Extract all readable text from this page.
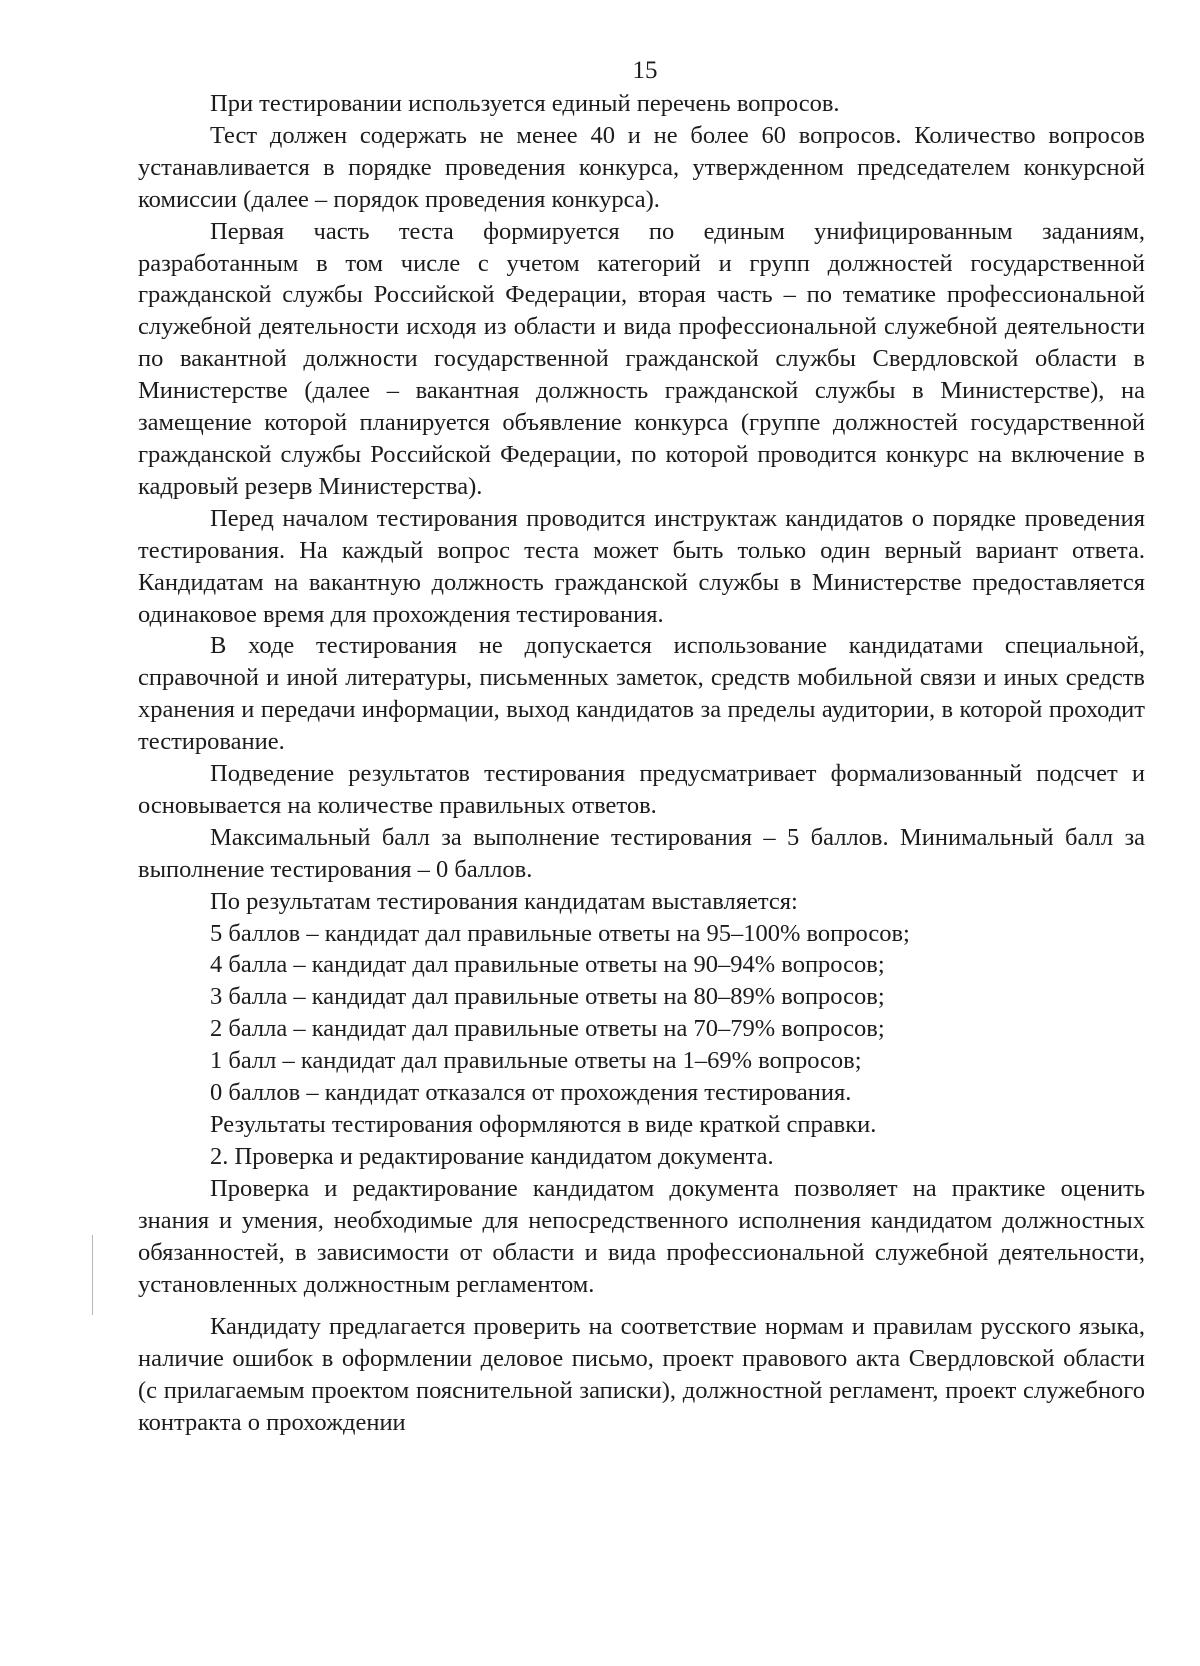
15

При тестировании используется единый перечень вопросов.

Тест должен содержать не менее 40 и не более 60 вопросов. Количество вопросов устанавливается в порядке проведения конкурса, утвержденном председателем конкурсной комиссии (далее – порядок проведения конкурса).

Первая часть теста формируется по единым унифицированным заданиям, разработанным в том числе с учетом категорий и групп должностей государственной гражданской службы Российской Федерации, вторая часть – по тематике профессиональной служебной деятельности исходя из области и вида профессиональной служебной деятельности по вакантной должности государственной гражданской службы Свердловской области в Министерстве (далее – вакантная должность гражданской службы в Министерстве), на замещение которой планируется объявление конкурса (группе должностей государственной гражданской службы Российской Федерации, по которой проводится конкурс на включение в кадровый резерв Министерства).

Перед началом тестирования проводится инструктаж кандидатов о порядке проведения тестирования. На каждый вопрос теста может быть только один верный вариант ответа. Кандидатам на вакантную должность гражданской службы в Министерстве предоставляется одинаковое время для прохождения тестирования.

В ходе тестирования не допускается использование кандидатами специальной, справочной и иной литературы, письменных заметок, средств мобильной связи и иных средств хранения и передачи информации, выход кандидатов за пределы аудитории, в которой проходит тестирование.

Подведение результатов тестирования предусматривает формализованный подсчет и основывается на количестве правильных ответов.

Максимальный балл за выполнение тестирования – 5 баллов. Минимальный балл за выполнение тестирования – 0 баллов.

По результатам тестирования кандидатам выставляется:

5 баллов – кандидат дал правильные ответы на 95–100% вопросов;

4 балла – кандидат дал правильные ответы на 90–94% вопросов;

3 балла – кандидат дал правильные ответы на 80–89% вопросов;

2 балла – кандидат дал правильные ответы на 70–79% вопросов;

1 балл – кандидат дал правильные ответы на 1–69% вопросов;

0 баллов – кандидат отказался от прохождения тестирования.

Результаты тестирования оформляются в виде краткой справки.

2. Проверка и редактирование кандидатом документа.

Проверка и редактирование кандидатом документа позволяет на практике оценить знания и умения, необходимые для непосредственного исполнения кандидатом должностных обязанностей, в зависимости от области и вида профессиональной служебной деятельности, установленных должностным регламентом.

Кандидату предлагается проверить на соответствие нормам и правилам русского языка, наличие ошибок в оформлении деловое письмо, проект правового акта Свердловской области (с прилагаемым проектом пояснительной записки), должностной регламент, проект служебного контракта о прохождении
